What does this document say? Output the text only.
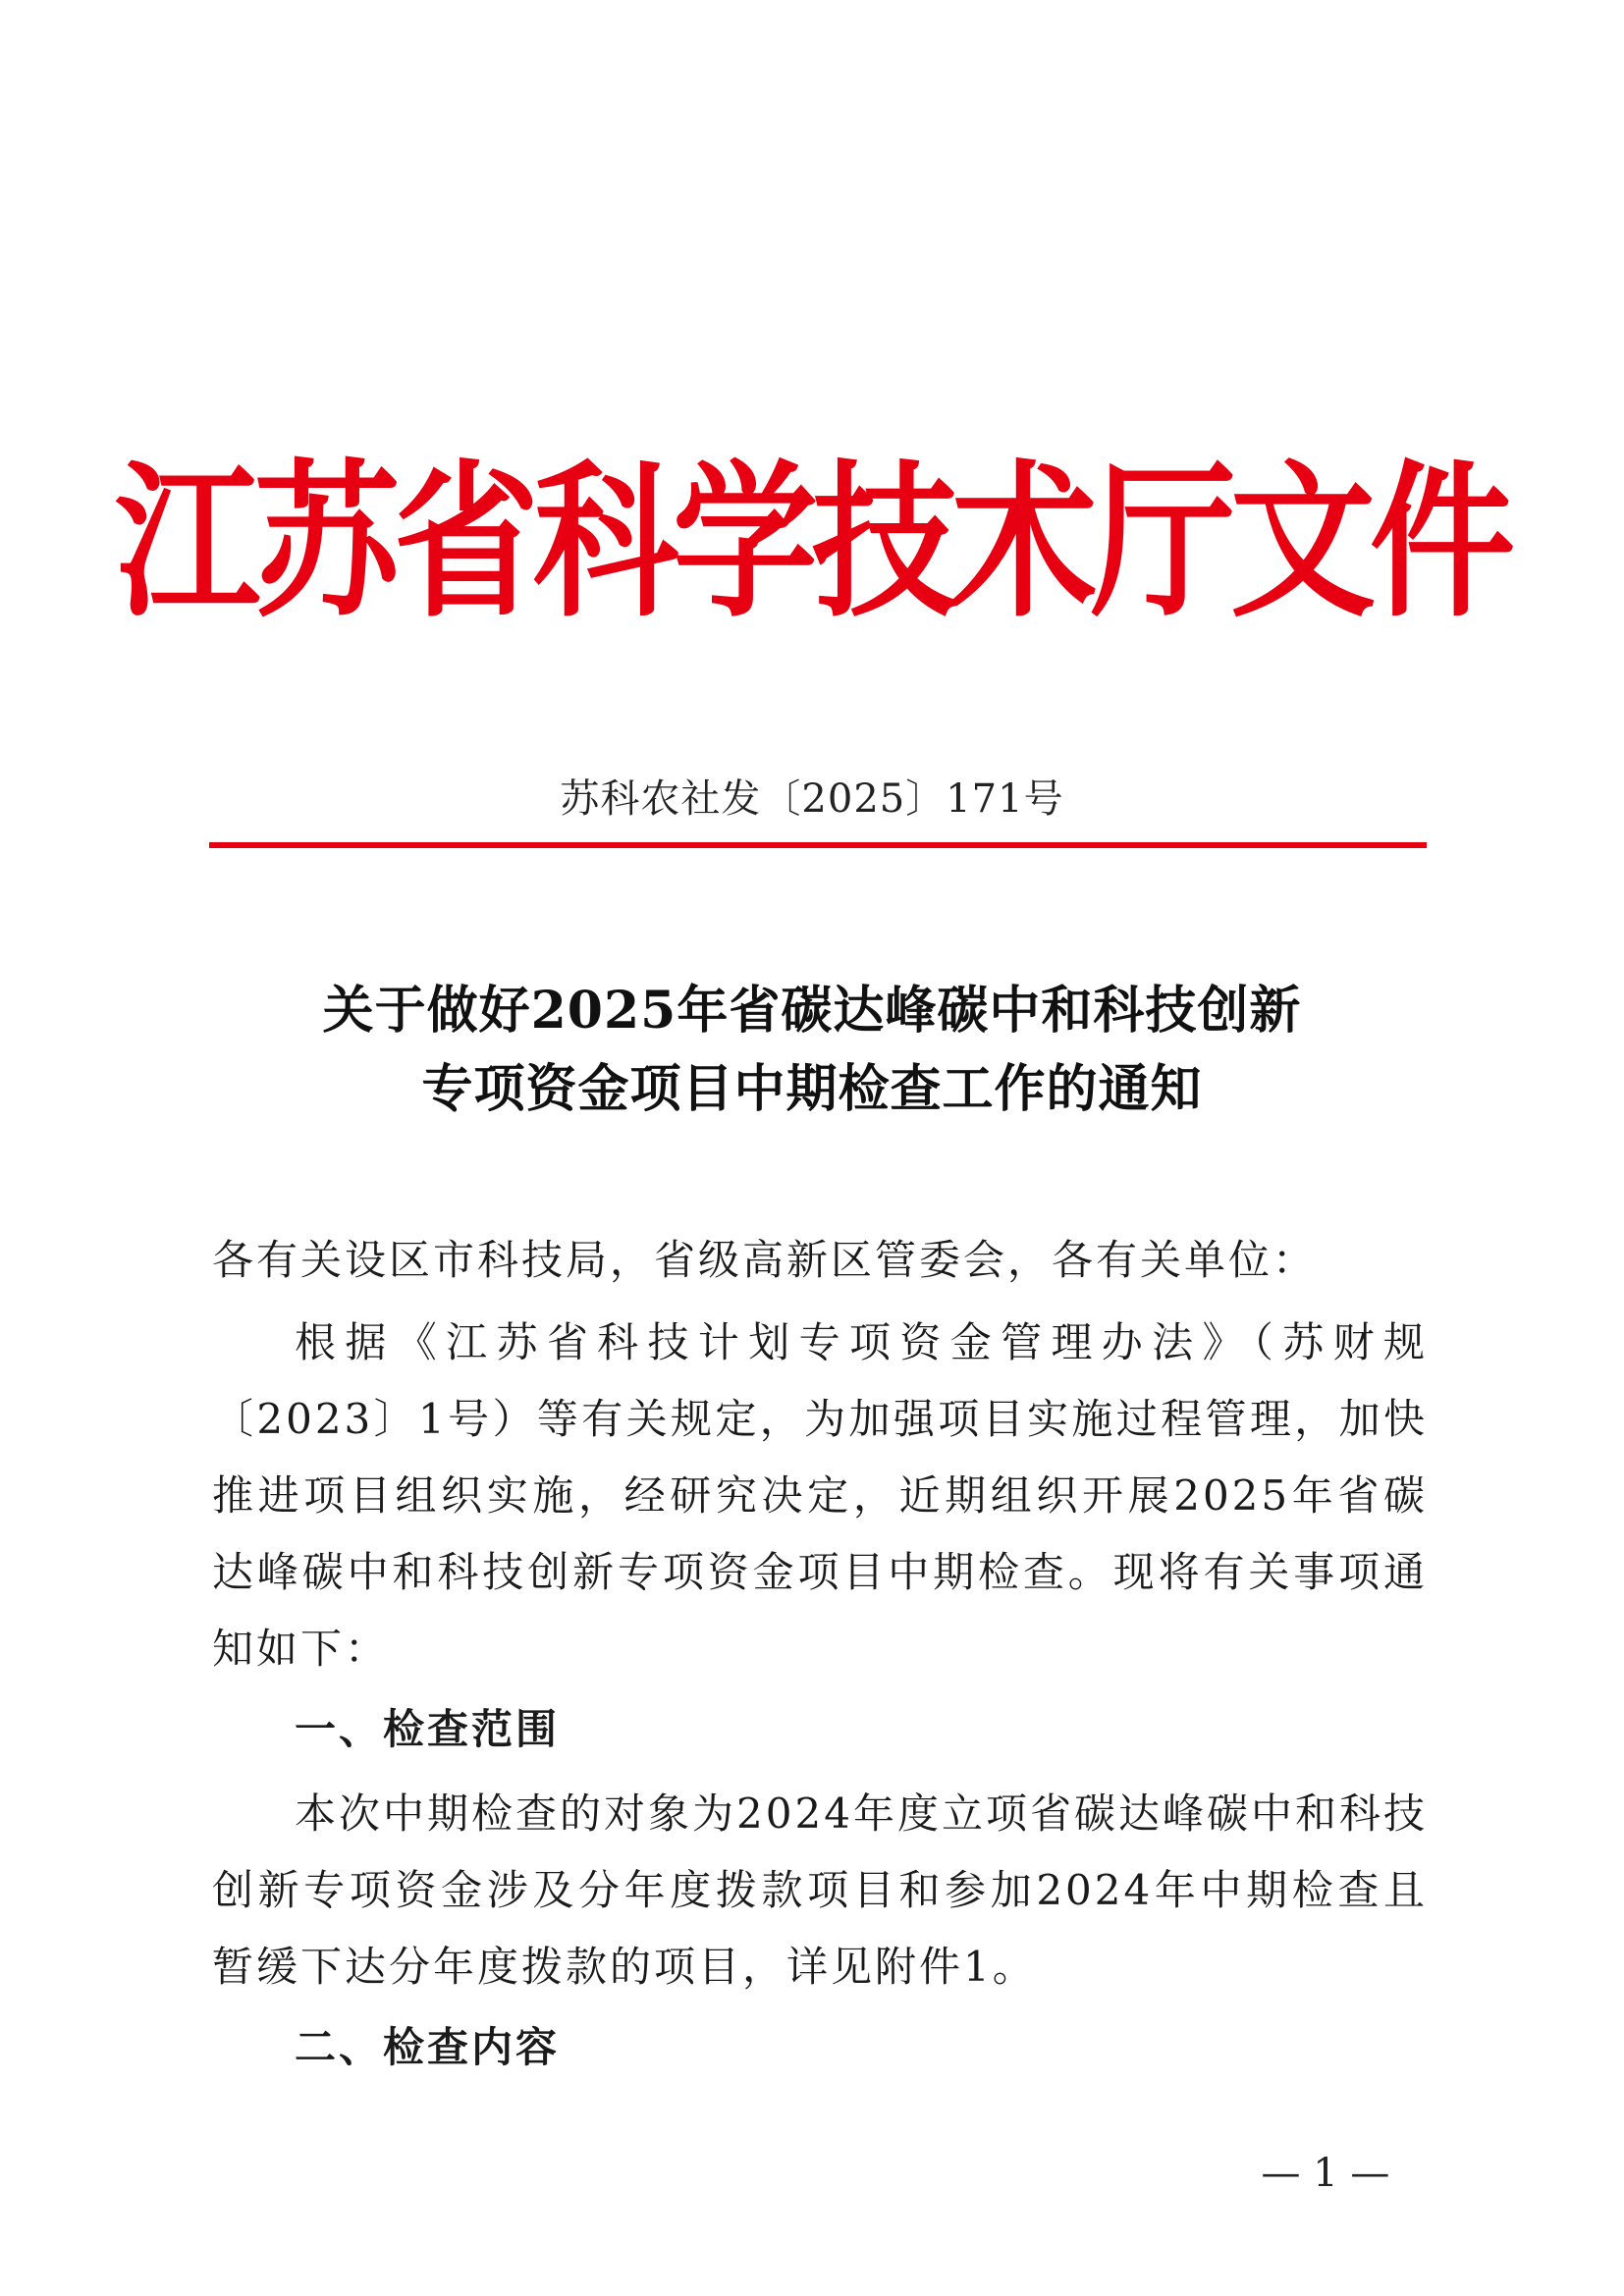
江苏省科学技术厅文件
苏科农社发〔2025〕171号
关于做好2025年省碳达峰碳中和科技创新
专项资金项目中期检查工作的通知

各有关设区市科技局，省级高新区管委会，各有关单位：

根据《江苏省科技计划专项资金管理办法》（苏财规〔2023〕1号）等有关规定，为加强项目实施过程管理，加快推进项目组织实施，经研究决定，近期组织开展2025年省碳达峰碳中和科技创新专项资金项目中期检查。现将有关事项通知如下：

一、检查范围

本次中期检查的对象为2024年度立项省碳达峰碳中和科技创新专项资金涉及分年度拨款项目和参加2024年中期检查且暂缓下达分年度拨款的项目，详见附件1。

二、检查内容

— 1 —
